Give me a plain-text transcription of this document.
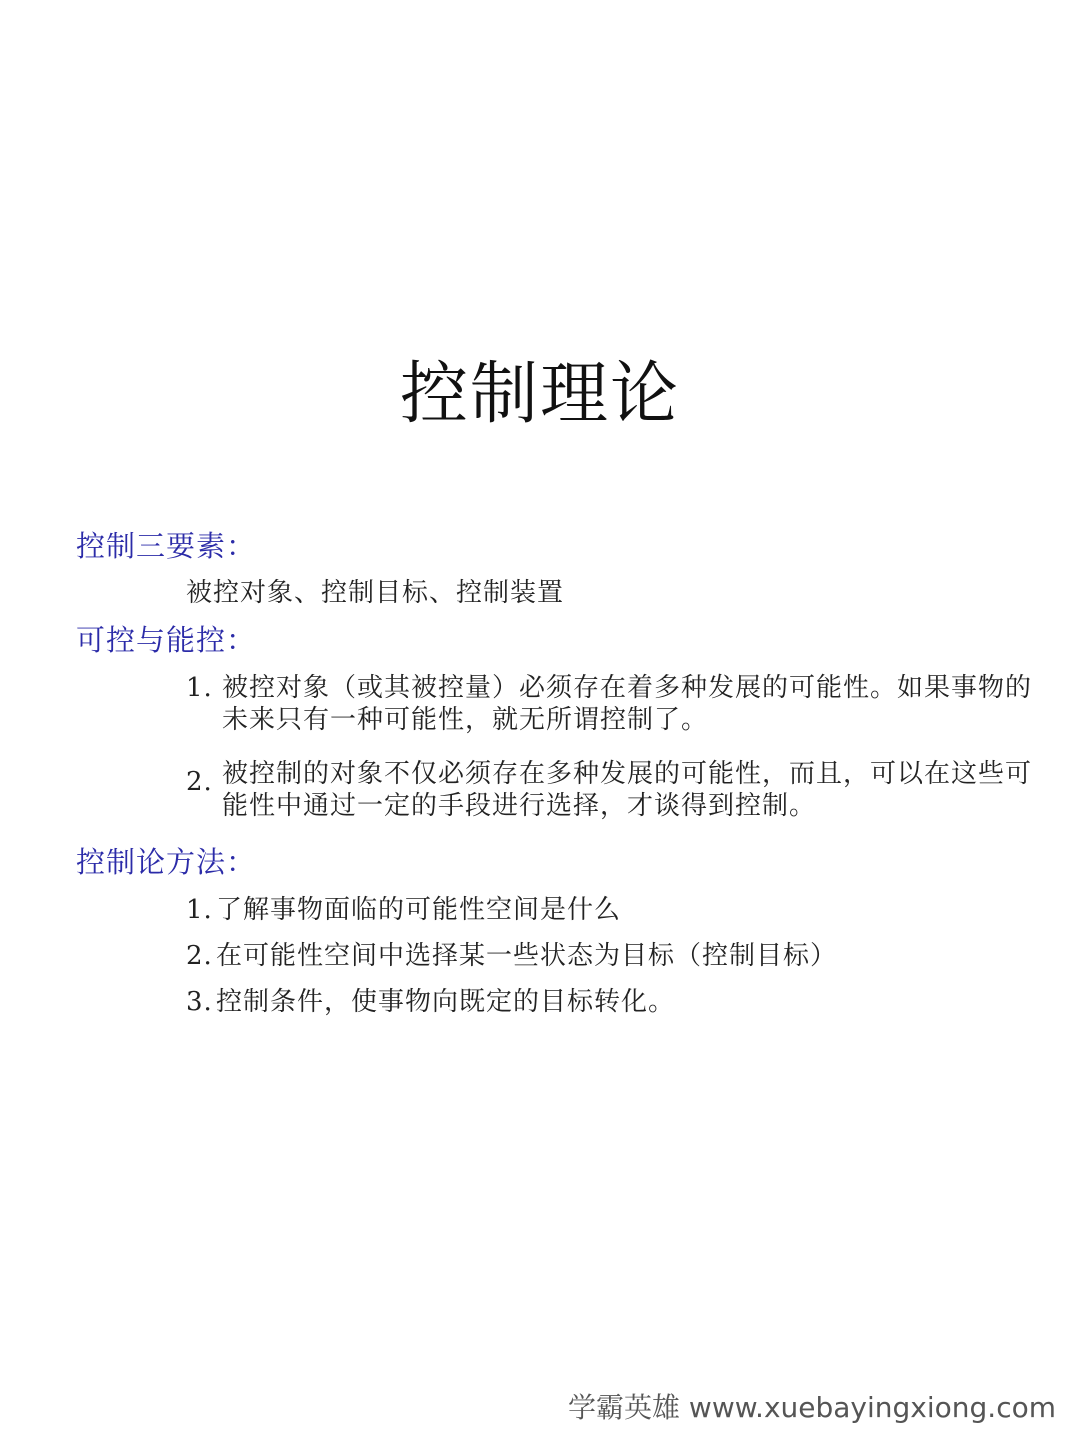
控制理论
控制三要素：
被控对象、控制目标、控制装置
可控与能控：
1. 被控对象（或其被控量）必须存在着多种发展的可能性。如果事物的未来只有一种可能性，就无所谓控制了。
2. 被控制的对象不仅必须存在多种发展的可能性，而且，可以在这些可能性中通过一定的手段进行选择，才谈得到控制。
控制论方法：
1. 了解事物面临的可能性空间是什么
2. 在可能性空间中选择某一些状态为目标（控制目标）
3. 控制条件，使事物向既定的目标转化。
学霸英雄 www.xuebayingxiong.com
